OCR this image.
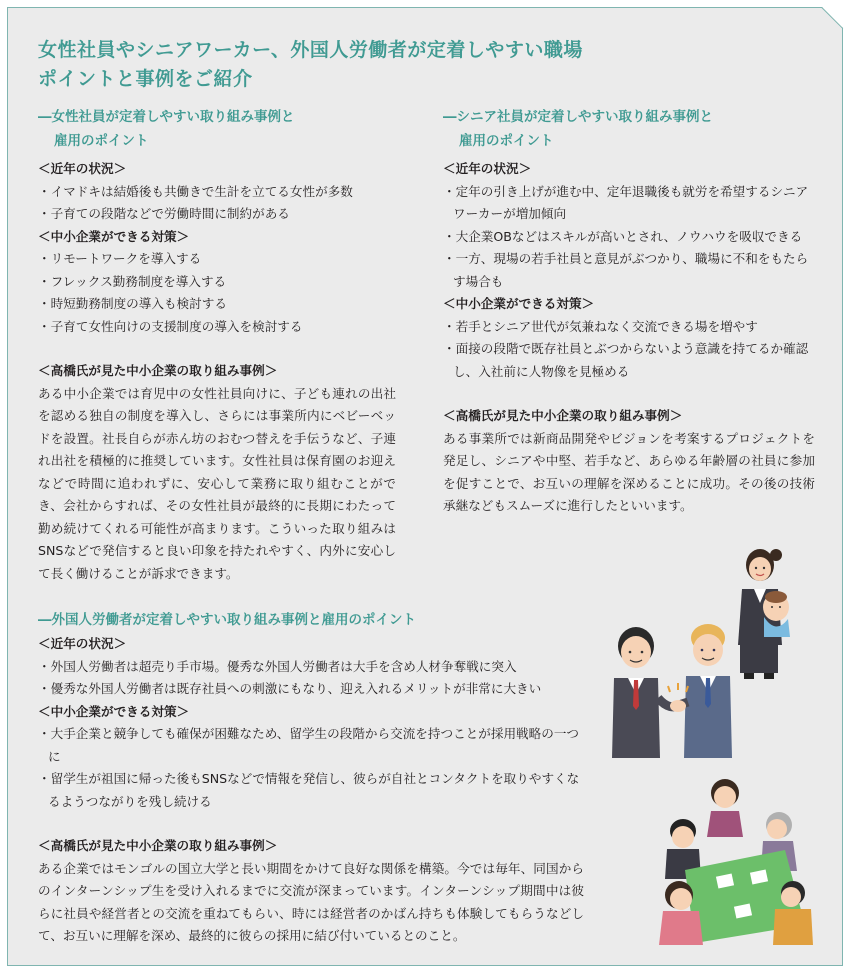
女性社員やシニアワーカー、外国人労働者が定着しやすい職場
ポイントと事例をご紹介
―女性社員が定着しやすい取り組み事例と
雇用のポイント
＜近年の状況＞
・イマドキは結婚後も共働きで生計を立てる女性が多数
・子育ての段階などで労働時間に制約がある
＜中小企業ができる対策＞
・リモートワークを導入する
・フレックス勤務制度を導入する
・時短勤務制度の導入も検討する
・子育て女性向けの支援制度の導入を検討する
＜高橋氏が見た中小企業の取り組み事例＞
ある中小企業では育児中の女性社員向けに、子ども連れの出社を認める独自の制度を導入し、さらには事業所内にベビーベッドを設置。社長自らが赤ん坊のおむつ替えを手伝うなど、子連れ出社を積極的に推奨しています。女性社員は保育園のお迎えなどで時間に追われずに、安心して業務に取り組むことができ、会社からすれば、その女性社員が最終的に長期にわたって勤め続けてくれる可能性が高まります。こういった取り組みはSNSなどで発信すると良い印象を持たれやすく、内外に安心して長く働けることが訴求できます。
―シニア社員が定着しやすい取り組み事例と
雇用のポイント
＜近年の状況＞
・定年の引き上げが進む中、定年退職後も就労を希望するシニアワーカーが増加傾向
・大企業OBなどはスキルが高いとされ、ノウハウを吸収できる
・一方、現場の若手社員と意見がぶつかり、職場に不和をもたらす場合も
＜中小企業ができる対策＞
・若手とシニア世代が気兼ねなく交流できる場を増やす
・面接の段階で既存社員とぶつからないよう意識を持てるか確認し、入社前に人物像を見極める
＜高橋氏が見た中小企業の取り組み事例＞
ある事業所では新商品開発やビジョンを考案するプロジェクトを発足し、シニアや中堅、若手など、あらゆる年齢層の社員に参加を促すことで、お互いの理解を深めることに成功。その後の技術承継などもスムーズに進行したといいます。
―外国人労働者が定着しやすい取り組み事例と雇用のポイント
＜近年の状況＞
・外国人労働者は超売り手市場。優秀な外国人労働者は大手を含め人材争奪戦に突入
・優秀な外国人労働者は既存社員への刺激にもなり、迎え入れるメリットが非常に大きい
＜中小企業ができる対策＞
・大手企業と競争しても確保が困難なため、留学生の段階から交流を持つことが採用戦略の一つに
・留学生が祖国に帰った後もSNSなどで情報を発信し、彼らが自社とコンタクトを取りやすくなるようつながりを残し続ける
＜高橋氏が見た中小企業の取り組み事例＞
ある企業ではモンゴルの国立大学と長い期間をかけて良好な関係を構築。今では毎年、同国からのインターンシップ生を受け入れるまでに交流が深まっています。インターンシップ期間中は彼らに社員や経営者との交流を重ねてもらい、時には経営者のかばん持ちも体験してもらうなどして、お互いに理解を深め、最終的に彼らの採用に結び付いているとのこと。
